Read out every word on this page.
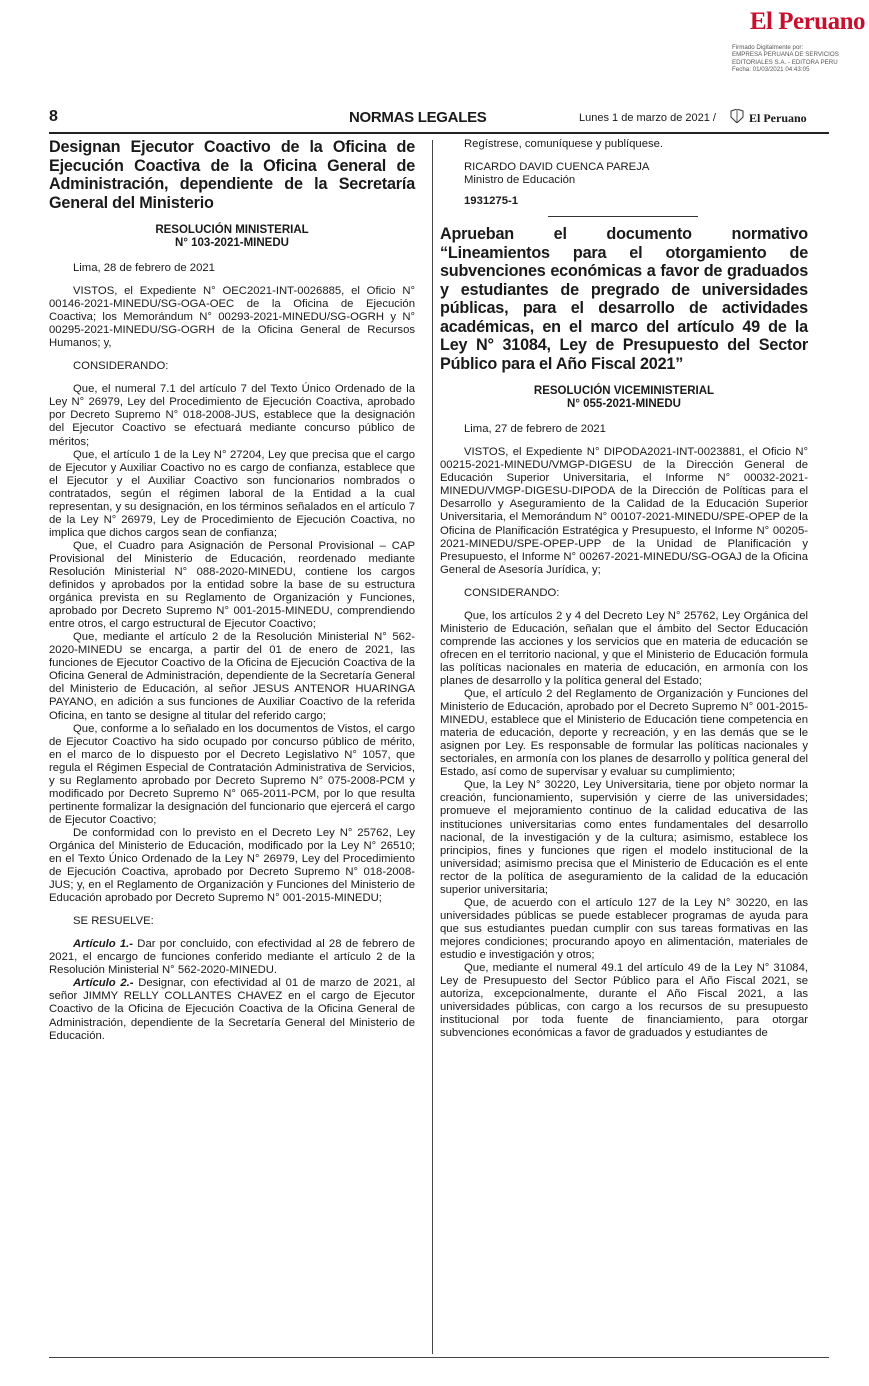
El Peruano
Firmado Digitalmente por:
EMPRESA PERUANA DE SERVICIOS
EDITORIALES S.A. - EDITORA PERU
Fecha: 01/03/2021 04:43:05
8	NORMAS LEGALES	Lunes 1 de marzo de 2021 /	El Peruano
Designan Ejecutor Coactivo de la Oficina de Ejecución Coactiva de la Oficina General de Administración, dependiente de la Secretaría General del Ministerio
RESOLUCIÓN MINISTERIAL
N° 103-2021-MINEDU

Lima, 28 de febrero de 2021

VISTOS, el Expediente N° OEC2021-INT-0026885, el Oficio N° 00146-2021-MINEDU/SG-OGA-OEC de la Oficina de Ejecución Coactiva; los Memorándum N° 00293-2021-MINEDU/SG-OGRH y N° 00295-2021-MINEDU/SG-OGRH de la Oficina General de Recursos Humanos; y,

CONSIDERANDO:

Que, el numeral 7.1 del artículo 7 del Texto Único Ordenado de la Ley N° 26979, Ley del Procedimiento de Ejecución Coactiva, aprobado por Decreto Supremo N° 018-2008-JUS, establece que la designación del Ejecutor Coactivo se efectuará mediante concurso público de méritos;

Que, el artículo 1 de la Ley N° 27204, Ley que precisa que el cargo de Ejecutor y Auxiliar Coactivo no es cargo de confianza, establece que el Ejecutor y el Auxiliar Coactivo son funcionarios nombrados o contratados, según el régimen laboral de la Entidad a la cual representan, y su designación, en los términos señalados en el artículo 7 de la Ley N° 26979, Ley de Procedimiento de Ejecución Coactiva, no implica que dichos cargos sean de confianza;

Que, el Cuadro para Asignación de Personal Provisional – CAP Provisional del Ministerio de Educación, reordenado mediante Resolución Ministerial N° 088-2020-MINEDU, contiene los cargos definidos y aprobados por la entidad sobre la base de su estructura orgánica prevista en su Reglamento de Organización y Funciones, aprobado por Decreto Supremo N° 001-2015-MINEDU, comprendiendo entre otros, el cargo estructural de Ejecutor Coactivo;

Que, mediante el artículo 2 de la Resolución Ministerial N° 562-2020-MINEDU se encarga, a partir del 01 de enero de 2021, las funciones de Ejecutor Coactivo de la Oficina de Ejecución Coactiva de la Oficina General de Administración, dependiente de la Secretaría General del Ministerio de Educación, al señor JESUS ANTENOR HUARINGA PAYANO, en adición a sus funciones de Auxiliar Coactivo de la referida Oficina, en tanto se designe al titular del referido cargo;

Que, conforme a lo señalado en los documentos de Vistos, el cargo de Ejecutor Coactivo ha sido ocupado por concurso público de mérito, en el marco de lo dispuesto por el Decreto Legislativo N° 1057, que regula el Régimen Especial de Contratación Administrativa de Servicios, y su Reglamento aprobado por Decreto Supremo N° 075-2008-PCM y modificado por Decreto Supremo N° 065-2011-PCM, por lo que resulta pertinente formalizar la designación del funcionario que ejercerá el cargo de Ejecutor Coactivo;

De conformidad con lo previsto en el Decreto Ley N° 25762, Ley Orgánica del Ministerio de Educación, modificado por la Ley N° 26510; en el Texto Único Ordenado de la Ley N° 26979, Ley del Procedimiento de Ejecución Coactiva, aprobado por Decreto Supremo N° 018-2008-JUS; y, en el Reglamento de Organización y Funciones del Ministerio de Educación aprobado por Decreto Supremo N° 001-2015-MINEDU;

SE RESUELVE:

Artículo 1.- Dar por concluido, con efectividad al 28 de febrero de 2021, el encargo de funciones conferido mediante el artículo 2 de la Resolución Ministerial N° 562-2020-MINEDU.

Artículo 2.- Designar, con efectividad al 01 de marzo de 2021, al señor JIMMY RELLY COLLANTES CHAVEZ en el cargo de Ejecutor Coactivo de la Oficina de Ejecución Coactiva de la Oficina General de Administración, dependiente de la Secretaría General del Ministerio de Educación.

Regístrese, comuníquese y publíquese.

RICARDO DAVID CUENCA PAREJA

Ministro de Educación

1931275-1
Aprueban el documento normativo “Lineamientos para el otorgamiento de subvenciones económicas a favor de graduados y estudiantes de pregrado de universidades públicas, para el desarrollo de actividades académicas, en el marco del artículo 49 de la Ley N° 31084, Ley de Presupuesto del Sector Público para el Año Fiscal 2021”
RESOLUCIÓN VICEMINISTERIAL
N° 055-2021-MINEDU

Lima, 27 de febrero de 2021

VISTOS, el Expediente N° DIPODA2021-INT-0023881, el Oficio N° 00215-2021-MINEDU/VMGP-DIGESU de la Dirección General de Educación Superior Universitaria, el Informe N° 00032-2021-MINEDU/VMGP-DIGESU-DIPODA de la Dirección de Políticas para el Desarrollo y Aseguramiento de la Calidad de la Educación Superior Universitaria, el Memorándum N° 00107-2021-MINEDU/SPE-OPEP de la Oficina de Planificación Estratégica y Presupuesto, el Informe N° 00205-2021-MINEDU/SPE-OPEP-UPP de la Unidad de Planificación y Presupuesto, el Informe N° 00267-2021-MINEDU/SG-OGAJ de la Oficina General de Asesoría Jurídica, y;

CONSIDERANDO:

Que, los artículos 2 y 4 del Decreto Ley N° 25762, Ley Orgánica del Ministerio de Educación, señalan que el ámbito del Sector Educación comprende las acciones y los servicios que en materia de educación se ofrecen en el territorio nacional, y que el Ministerio de Educación formula las políticas nacionales en materia de educación, en armonía con los planes de desarrollo y la política general del Estado;

Que, el artículo 2 del Reglamento de Organización y Funciones del Ministerio de Educación, aprobado por el Decreto Supremo N° 001-2015-MINEDU, establece que el Ministerio de Educación tiene competencia en materia de educación, deporte y recreación, y en las demás que se le asignen por Ley. Es responsable de formular las políticas nacionales y sectoriales, en armonía con los planes de desarrollo y política general del Estado, así como de supervisar y evaluar su cumplimiento;

Que, la Ley N° 30220, Ley Universitaria, tiene por objeto normar la creación, funcionamiento, supervisión y cierre de las universidades; promueve el mejoramiento continuo de la calidad educativa de las instituciones universitarias como entes fundamentales del desarrollo nacional, de la investigación y de la cultura; asimismo, establece los principios, fines y funciones que rigen el modelo institucional de la universidad; asimismo precisa que el Ministerio de Educación es el ente rector de la política de aseguramiento de la calidad de la educación superior universitaria;

Que, de acuerdo con el artículo 127 de la Ley N° 30220, en las universidades públicas se puede establecer programas de ayuda para que sus estudiantes puedan cumplir con sus tareas formativas en las mejores condiciones; procurando apoyo en alimentación, materiales de estudio e investigación y otros;

Que, mediante el numeral 49.1 del artículo 49 de la Ley N° 31084, Ley de Presupuesto del Sector Público para el Año Fiscal 2021, se autoriza, excepcionalmente, durante el Año Fiscal 2021, a las universidades públicas, con cargo a los recursos de su presupuesto institucional por toda fuente de financiamiento, para otorgar subvenciones económicas a favor de graduados y estudiantes de
